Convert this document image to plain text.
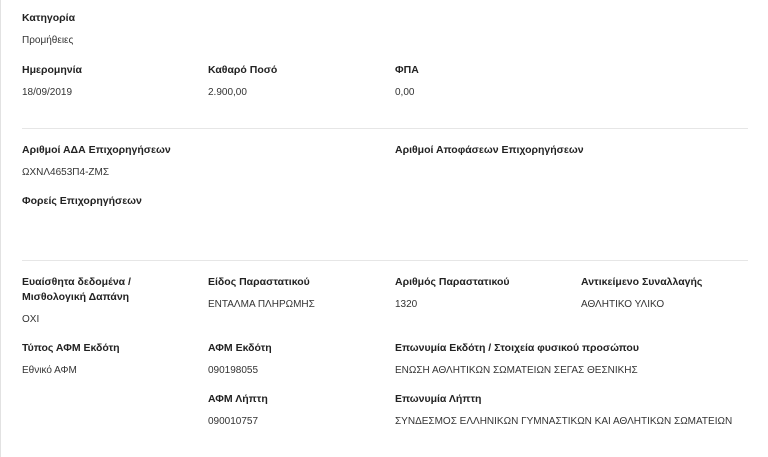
Κατηγορία
Προμήθειες
Ημερομηνία
18/09/2019
Καθαρό Ποσό
2.900,00
ΦΠΑ
0,00
Αριθμοί ΑΔΑ Επιχορηγήσεων
ΩΧΝΛ4653Π4-ΖΜΣ
Αριθμοί Αποφάσεων Επιχορηγήσεων
Φορείς Επιχορηγήσεων
Ευαίσθητα δεδομένα /
Μισθολογική Δαπάνη
ΟΧΙ
Είδος Παραστατικού
ΕΝΤΑΛΜΑ ΠΛΗΡΩΜΗΣ
Αριθμός Παραστατικού
1320
Αντικείμενο Συναλλαγής
ΑΘΛΗΤΙΚΟ ΥΛΙΚΟ
Τύπος ΑΦΜ Εκδότη
Εθνικό ΑΦΜ
ΑΦΜ Εκδότη
090198055
Επωνυμία Εκδότη / Στοιχεία φυσικού προσώπου
ΕΝΩΣΗ ΑΘΛΗΤΙΚΩΝ ΣΩΜΑΤΕΙΩΝ ΣΕΓΑΣ ΘΕΣΝΙΚΗΣ
ΑΦΜ Λήπτη
090010757
Επωνυμία Λήπτη
ΣΥΝΔΕΣΜΟΣ ΕΛΛΗΝΙΚΩΝ ΓΥΜΝΑΣΤΙΚΩΝ ΚΑΙ ΑΘΛΗΤΙΚΩΝ ΣΩΜΑΤΕΙΩΝ
